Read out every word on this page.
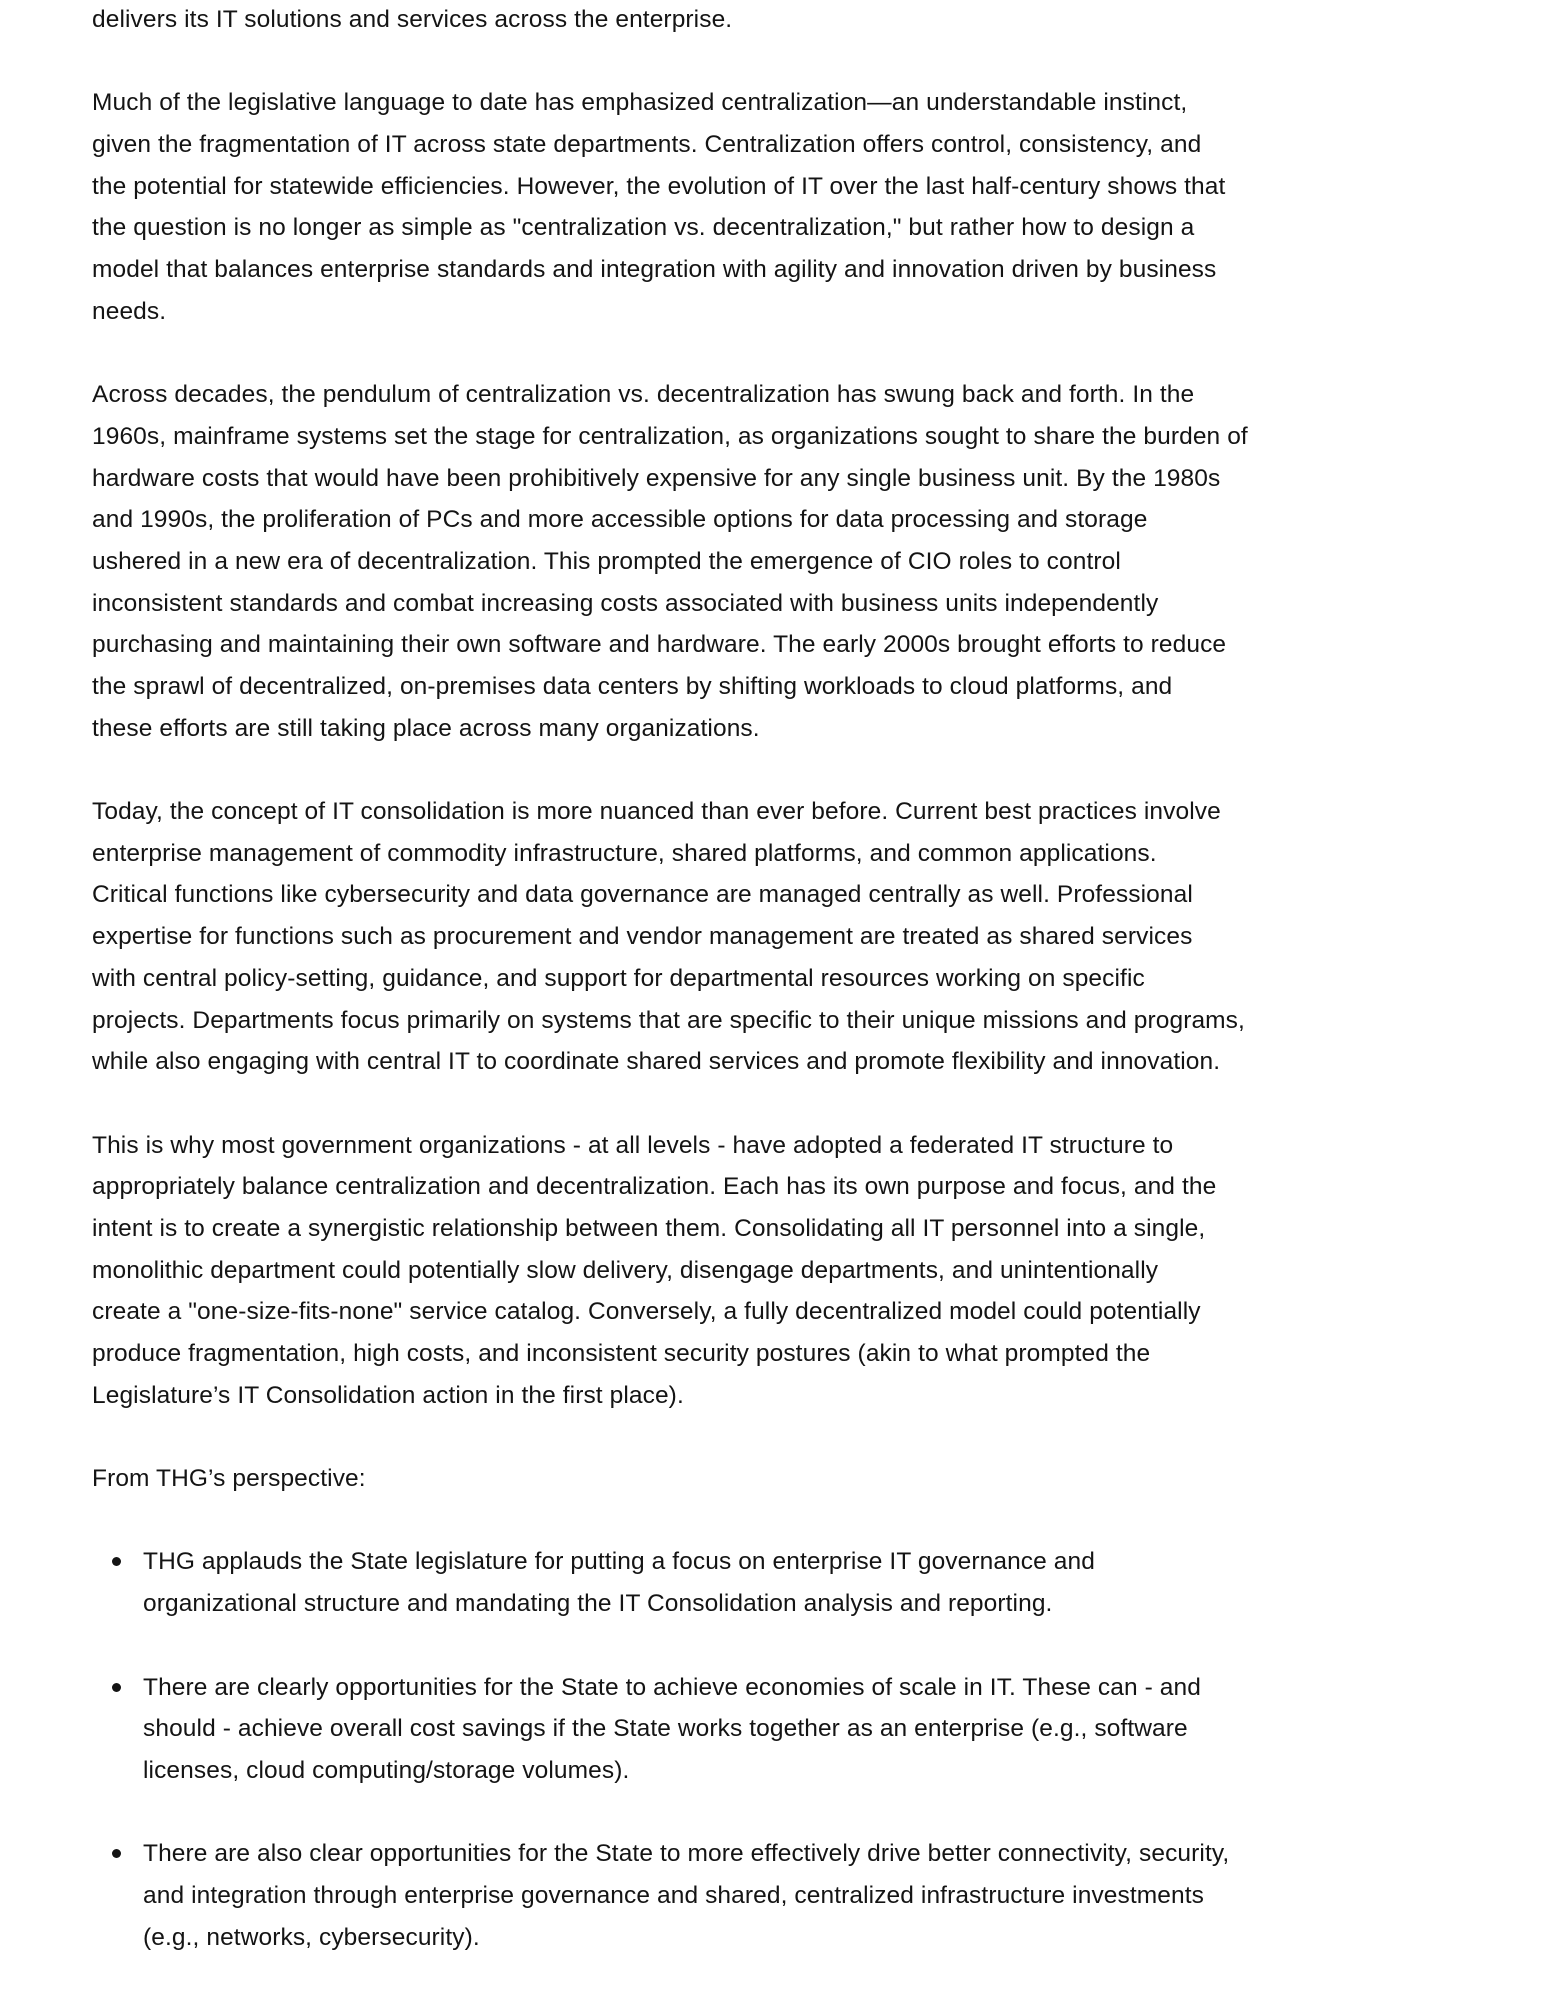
delivers its IT solutions and services across the enterprise.
Much of the legislative language to date has emphasized centralization—an understandable instinct,
given the fragmentation of IT across state departments. Centralization offers control, consistency, and
the potential for statewide efficiencies. However, the evolution of IT over the last half-century shows that
the question is no longer as simple as "centralization vs. decentralization," but rather how to design a
model that balances enterprise standards and integration with agility and innovation driven by business
needs.
Across decades, the pendulum of centralization vs. decentralization has swung back and forth. In the
1960s, mainframe systems set the stage for centralization, as organizations sought to share the burden of
hardware costs that would have been prohibitively expensive for any single business unit. By the 1980s
and 1990s, the proliferation of PCs and more accessible options for data processing and storage
ushered in a new era of decentralization. This prompted the emergence of CIO roles to control
inconsistent standards and combat increasing costs associated with business units independently
purchasing and maintaining their own software and hardware. The early 2000s brought efforts to reduce
the sprawl of decentralized, on-premises data centers by shifting workloads to cloud platforms, and
these efforts are still taking place across many organizations.
Today, the concept of IT consolidation is more nuanced than ever before. Current best practices involve
enterprise management of commodity infrastructure, shared platforms, and common applications.
Critical functions like cybersecurity and data governance are managed centrally as well. Professional
expertise for functions such as procurement and vendor management are treated as shared services
with central policy-setting, guidance, and support for departmental resources working on specific
projects. Departments focus primarily on systems that are specific to their unique missions and programs,
while also engaging with central IT to coordinate shared services and promote flexibility and innovation.
This is why most government organizations - at all levels - have adopted a federated IT structure to
appropriately balance centralization and decentralization. Each has its own purpose and focus, and the
intent is to create a synergistic relationship between them. Consolidating all IT personnel into a single,
monolithic department could potentially slow delivery, disengage departments, and unintentionally
create a "one-size-fits-none" service catalog. Conversely, a fully decentralized model could potentially
produce fragmentation, high costs, and inconsistent security postures (akin to what prompted the
Legislature’s IT Consolidation action in the first place).
From THG’s perspective:
THG applauds the State legislature for putting a focus on enterprise IT governance and
organizational structure and mandating the IT Consolidation analysis and reporting.
There are clearly opportunities for the State to achieve economies of scale in IT. These can - and
should - achieve overall cost savings if the State works together as an enterprise (e.g., software
licenses, cloud computing/storage volumes).
There are also clear opportunities for the State to more effectively drive better connectivity, security,
and integration through enterprise governance and shared, centralized infrastructure investments
(e.g., networks, cybersecurity).
